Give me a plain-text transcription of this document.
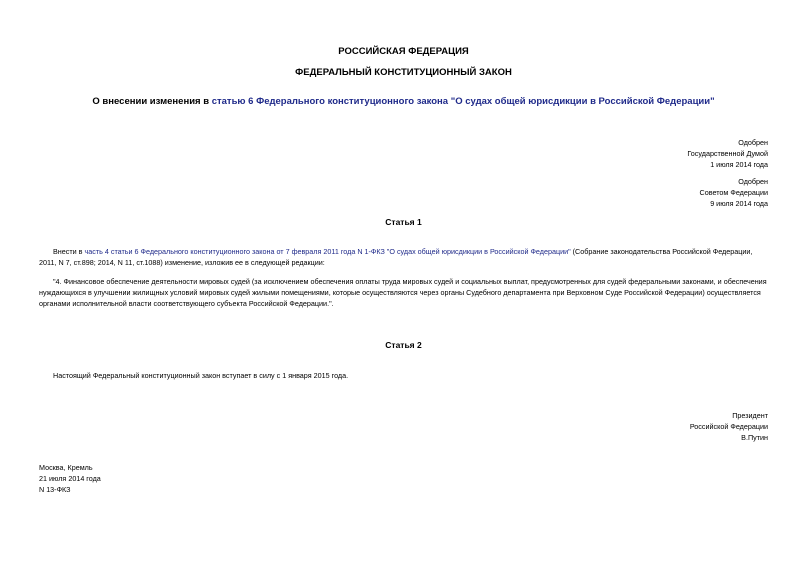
РОССИЙСКАЯ ФЕДЕРАЦИЯ
ФЕДЕРАЛЬНЫЙ КОНСТИТУЦИОННЫЙ ЗАКОН
О внесении изменения в статью 6 Федерального конституционного закона "О судах общей юрисдикции в Российской Федерации"
Одобрен
Государственной Думой
1 июля 2014 года
Одобрен
Советом Федерации
9 июля 2014 года
Статья 1
Внести в часть 4 статьи 6 Федерального конституционного закона от 7 февраля 2011 года N 1-ФКЗ "О судах общей юрисдикции в Российской Федерации" (Собрание законодательства Российской Федерации,
2011, N 7, ст.898; 2014, N 11, ст.1088) изменение, изложив ее в следующей редакции:
"4. Финансовое обеспечение деятельности мировых судей (за исключением обеспечения оплаты труда мировых судей и социальных выплат, предусмотренных для судей федеральными законами, и обеспечения
нуждающихся в улучшении жилищных условий мировых судей жилыми помещениями, которые осуществляются через органы Судебного департамента при Верховном Суде Российской Федерации) осуществляется
органами исполнительной власти соответствующего субъекта Российской Федерации.".
Статья 2
Настоящий Федеральный конституционный закон вступает в силу с 1 января 2015 года.
Президент
Российской Федерации
В.Путин
Москва, Кремль
21 июля 2014 года
N 13-ФКЗ
